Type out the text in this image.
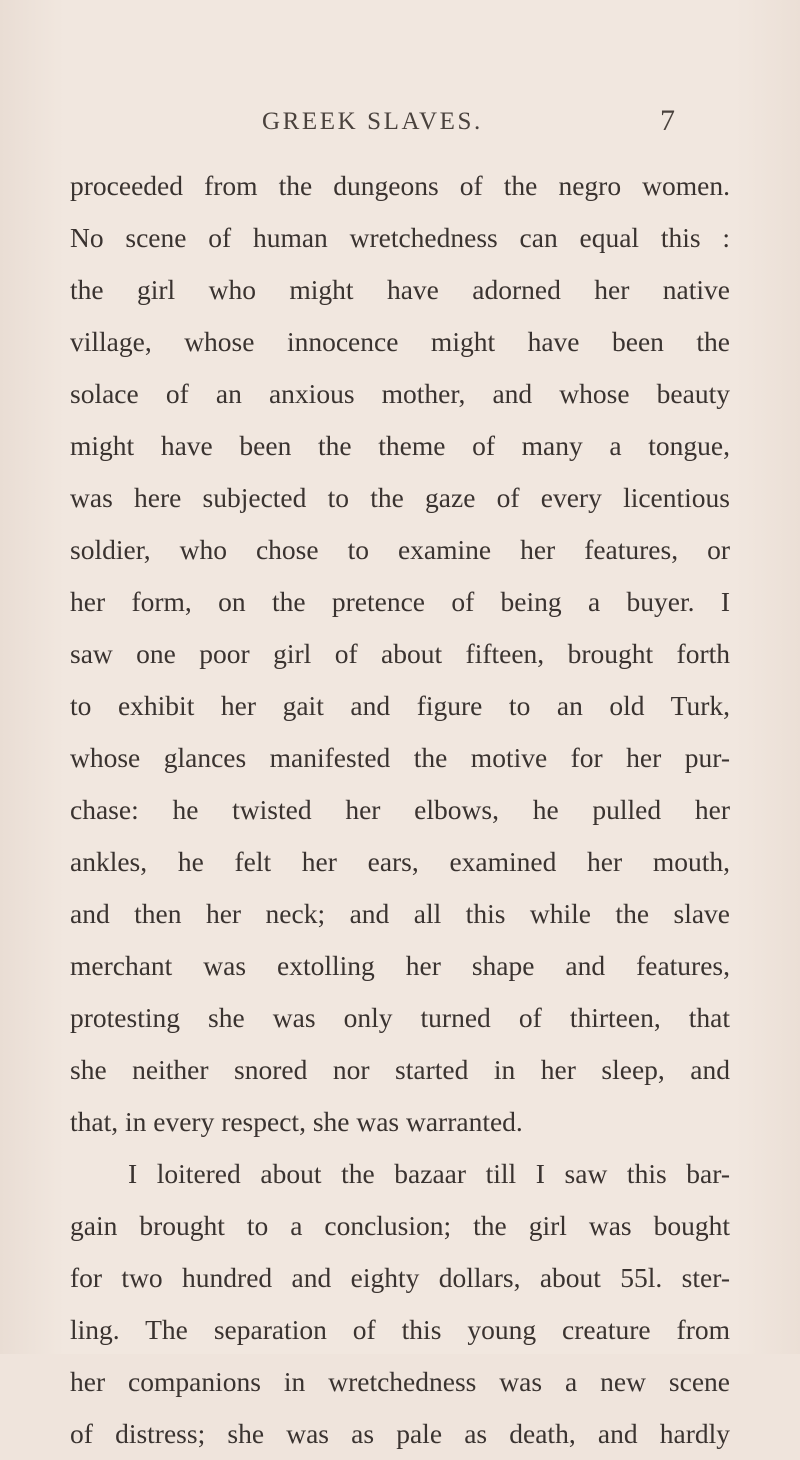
GREEK SLAVES.	7
proceeded from the dungeons of the negro women.
No scene of human wretchedness can equal this :
the girl who might have adorned her native
village, whose innocence might have been the
solace of an anxious mother, and whose beauty
might have been the theme of many a tongue,
was here subjected to the gaze of every licentious
soldier, who chose to examine her features, or
her form, on the pretence of being a buyer. I
saw one poor girl of about fifteen, brought forth
to exhibit her gait and figure to an old Turk,
whose glances manifested the motive for her pur-
chase: he twisted her elbows, he pulled her
ankles, he felt her ears, examined her mouth,
and then her neck; and all this while the slave
merchant was extolling her shape and features,
protesting she was only turned of thirteen, that
she neither snored nor started in her sleep, and
that, in every respect, she was warranted.
I loitered about the bazaar till I saw this bar-
gain brought to a conclusion; the girl was bought
for two hundred and eighty dollars, about 55l. ster-
ling. The separation of this young creature from
her companions in wretchedness was a new scene
of distress; she was as pale as death, and hardly
